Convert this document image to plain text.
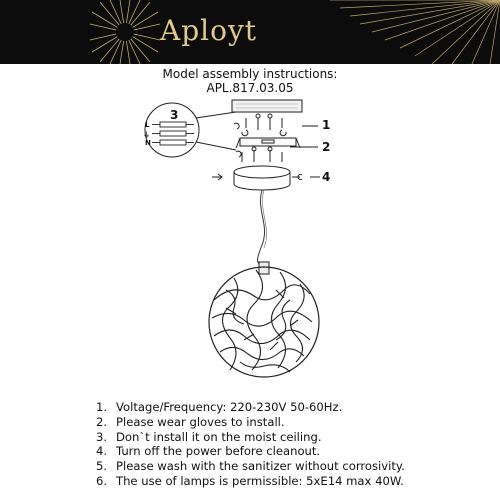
Aployt
Model assembly instructions:
APL.817.03.05
3
1
2
4
L
⏚
N
1. Voltage/Frequency: 220-230V 50-60Hz.
2. Please wear gloves to install.
3. Don`t install it on the moist ceiling.
4. Turn off the power before cleanout.
5. Please wash with the sanitizer without corrosivity.
6. The use of lamps is permissible: 5xE14 max 40W.
